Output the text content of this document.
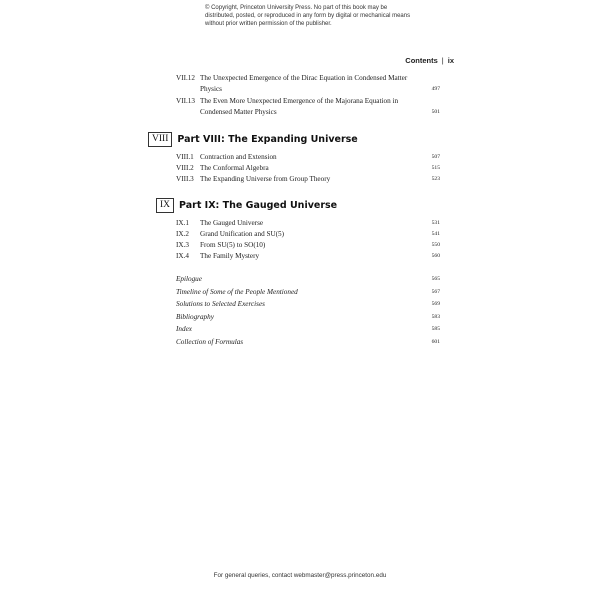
© Copyright, Princeton University Press. No part of this book may be distributed, posted, or reproduced in any form by digital or mechanical means without prior written permission of the publisher.
Contents | ix
VII.12 The Unexpected Emergence of the Dirac Equation in Condensed Matter Physics	497
VII.13 The Even More Unexpected Emergence of the Majorana Equation in Condensed Matter Physics	501
VIII Part VIII: The Expanding Universe
VIII.1 Contraction and Extension	507
VIII.2 The Conformal Algebra	515
VIII.3 The Expanding Universe from Group Theory	523
IX Part IX: The Gauged Universe
IX.1 The Gauged Universe	531
IX.2 Grand Unification and SU(5)	541
IX.3 From SU(5) to SO(10)	550
IX.4 The Family Mystery	560
Epilogue	565
Timeline of Some of the People Mentioned	567
Solutions to Selected Exercises	569
Bibliography	583
Index	585
Collection of Formulas	601
For general queries, contact webmaster@press.princeton.edu
